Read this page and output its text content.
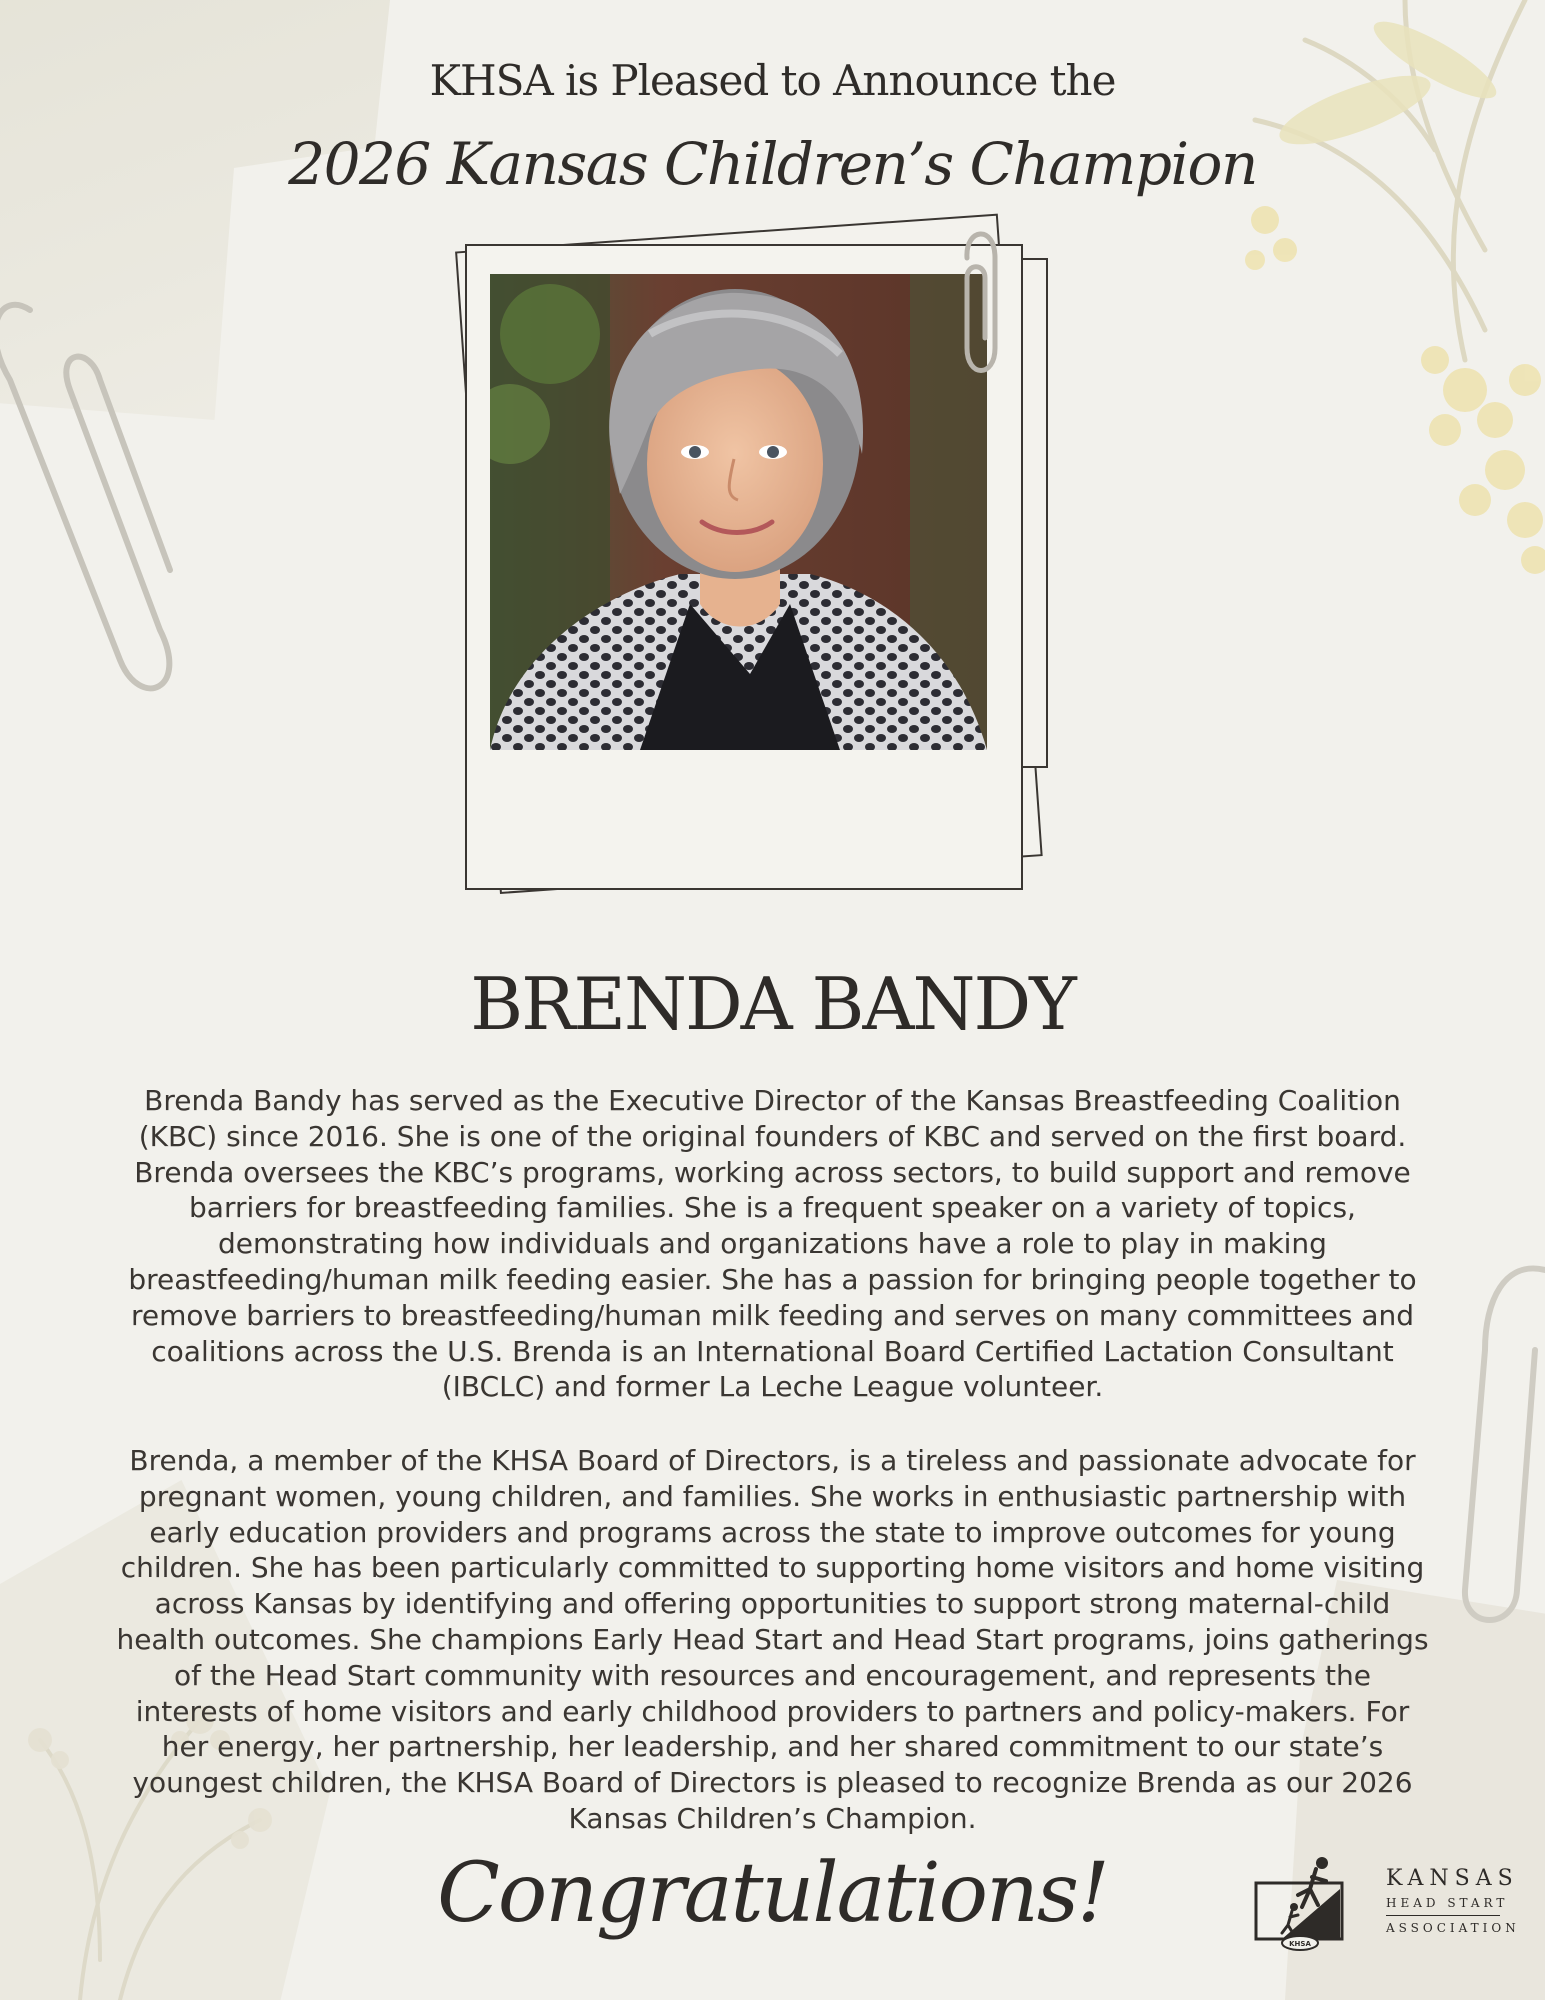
KHSA is Pleased to Announce the
2026 Kansas Children’s Champion
BRENDA BANDY

Brenda Bandy has served as the Executive Director of the Kansas Breastfeeding Coalition (KBC) since 2016. She is one of the original founders of KBC and served on the first board. Brenda oversees the KBC’s programs, working across sectors, to build support and remove barriers for breastfeeding families. She is a frequent speaker on a variety of topics, demonstrating how individuals and organizations have a role to play in making breastfeeding/human milk feeding easier. She has a passion for bringing people together to remove barriers to breastfeeding/human milk feeding and serves on many committees and coalitions across the U.S. Brenda is an International Board Certified Lactation Consultant (IBCLC) and former La Leche League volunteer.

Brenda, a member of the KHSA Board of Directors, is a tireless and passionate advocate for pregnant women, young children, and families. She works in enthusiastic partnership with early education providers and programs across the state to improve outcomes for young children. She has been particularly committed to supporting home visitors and home visiting across Kansas by identifying and offering opportunities to support strong maternal-child health outcomes. She champions Early Head Start and Head Start programs, joins gatherings of the Head Start community with resources and encouragement, and represents the interests of home visitors and early childhood providers to partners and policy-makers. For her energy, her partnership, her leadership, and her shared commitment to our state’s youngest children, the KHSA Board of Directors is pleased to recognize Brenda as our 2026 Kansas Children’s Champion.

Congratulations!
KHSA
KANSAS
HEAD START
ASSOCIATION
